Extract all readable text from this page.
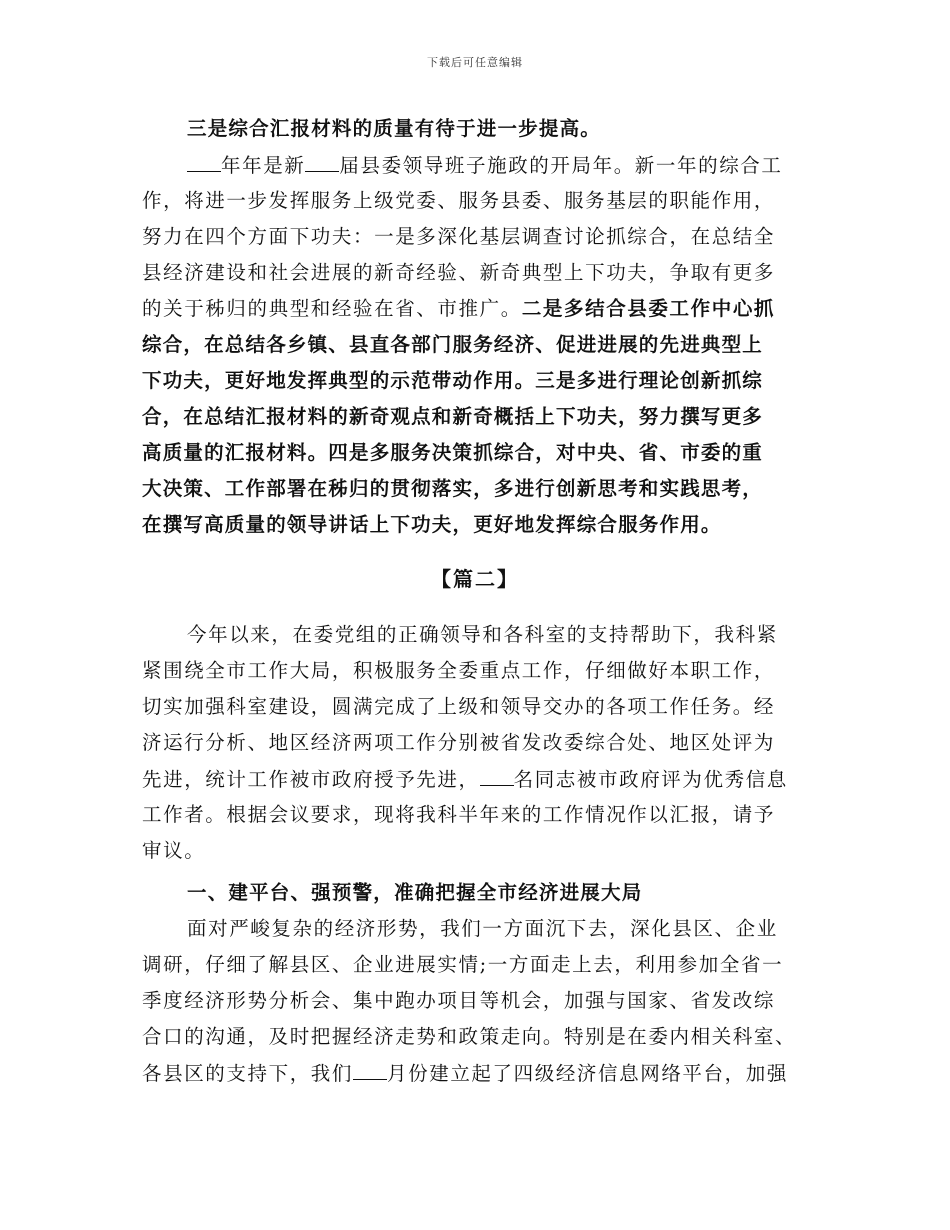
下载后可任意编辑
三是综合汇报材料的质量有待于进一步提高。
年年是新 届县委领导班子施政的开局年。新一年的综合工
作，将进一步发挥服务上级党委、服务县委、服务基层的职能作用，
努力在四个方面下功夫：一是多深化基层调查讨论抓综合，在总结全
县经济建设和社会进展的新奇经验、新奇典型上下功夫，争取有更多
的关于秭归的典型和经验在省、市推广。二是多结合县委工作中心抓
综合，在总结各乡镇、县直各部门服务经济、促进进展的先进典型上
下功夫，更好地发挥典型的示范带动作用。三是多进行理论创新抓综
合，在总结汇报材料的新奇观点和新奇概括上下功夫，努力撰写更多
高质量的汇报材料。四是多服务决策抓综合，对中央、省、市委的重
大决策、工作部署在秭归的贯彻落实，多进行创新思考和实践思考，
在撰写高质量的领导讲话上下功夫，更好地发挥综合服务作用。
【篇二】
今年以来，在委党组的正确领导和各科室的支持帮助下，我科紧
紧围绕全市工作大局，积极服务全委重点工作，仔细做好本职工作，
切实加强科室建设，圆满完成了上级和领导交办的各项工作任务。经
济运行分析、地区经济两项工作分别被省发改委综合处、地区处评为
先进，统计工作被市政府授予先进， 名同志被市政府评为优秀信息
工作者。根据会议要求，现将我科半年来的工作情况作以汇报，请予
审议。
一、建平台、强预警，准确把握全市经济进展大局
面对严峻复杂的经济形势，我们一方面沉下去，深化县区、企业
调研，仔细了解县区、企业进展实情;一方面走上去，利用参加全省一
季度经济形势分析会、集中跑办项目等机会，加强与国家、省发改综
合口的沟通，及时把握经济走势和政策走向。特别是在委内相关科室、
各县区的支持下，我们 月份建立起了四级经济信息网络平台，加强
